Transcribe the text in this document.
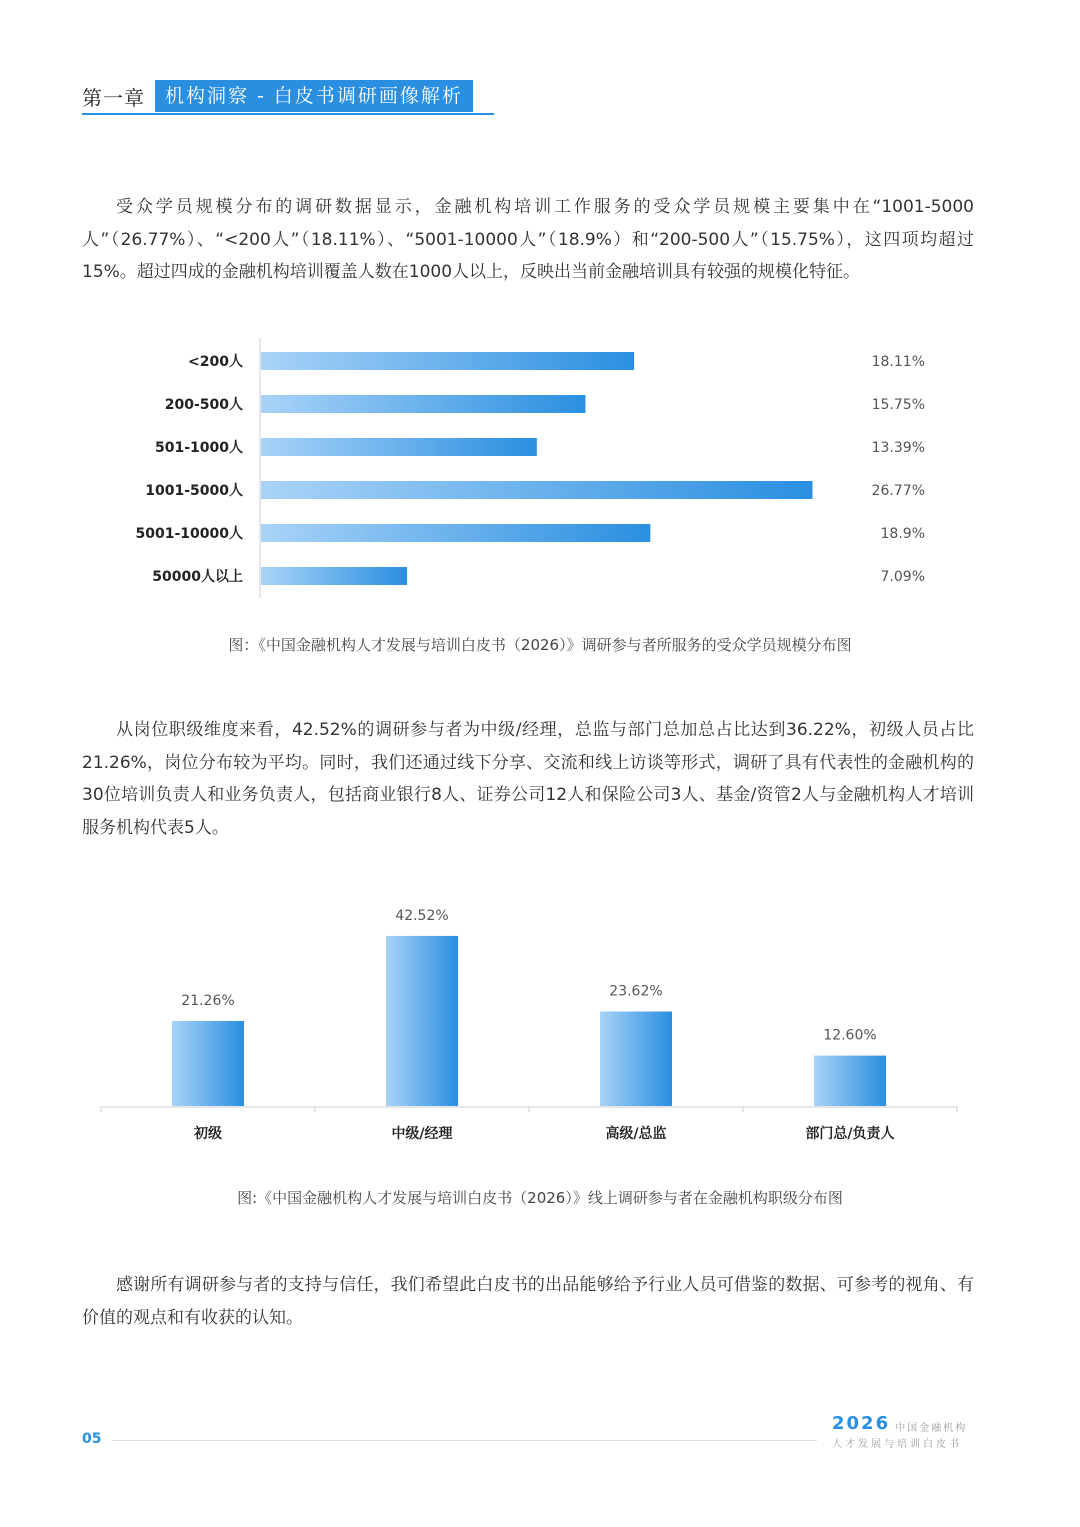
第一章	机构洞察 - 白皮书调研画像解析

受众学员规模分布的调研数据显示，金融机构培训工作服务的受众学员规模主要集中在“1001-5000人”（26.77%）、“<200人”（18.11%）、“5001-10000人”（18.9%）和“200-500人”（15.75%），这四项均超过15%。超过四成的金融机构培训覆盖人数在1000人以上，反映出当前金融培训具有较强的规模化特征。

<200人	18.11%
200-500人	15.75%
501-1000人	13.39%
1001-5000人	26.77%
5001-10000人	18.9%
50000人以上	7.09%
图：《中国金融机构人才发展与培训白皮书（2026）》调研参与者所服务的受众学员规模分布图

从岗位职级维度来看，42.52%的调研参与者为中级/经理，总监与部门总加总占比达到36.22%，初级人员占比21.26%，岗位分布较为平均。同时，我们还通过线下分享、交流和线上访谈等形式，调研了具有代表性的金融机构的30位培训负责人和业务负责人，包括商业银行8人、证券公司12人和保险公司3人、基金/资管2人与金融机构人才培训服务机构代表5人。

21.26%
初级
42.52%
中级/经理
23.62%
高级/总监
12.60%
部门总/负责人
图:《中国金融机构人才发展与培训白皮书（2026）》线上调研参与者在金融机构职级分布图

感谢所有调研参与者的支持与信任，我们希望此白皮书的出品能够给予行业人员可借鉴的数据、可参考的视角、有价值的观点和有收获的认知。

05
2026 中国金融机构
人才发展与培训白皮书
